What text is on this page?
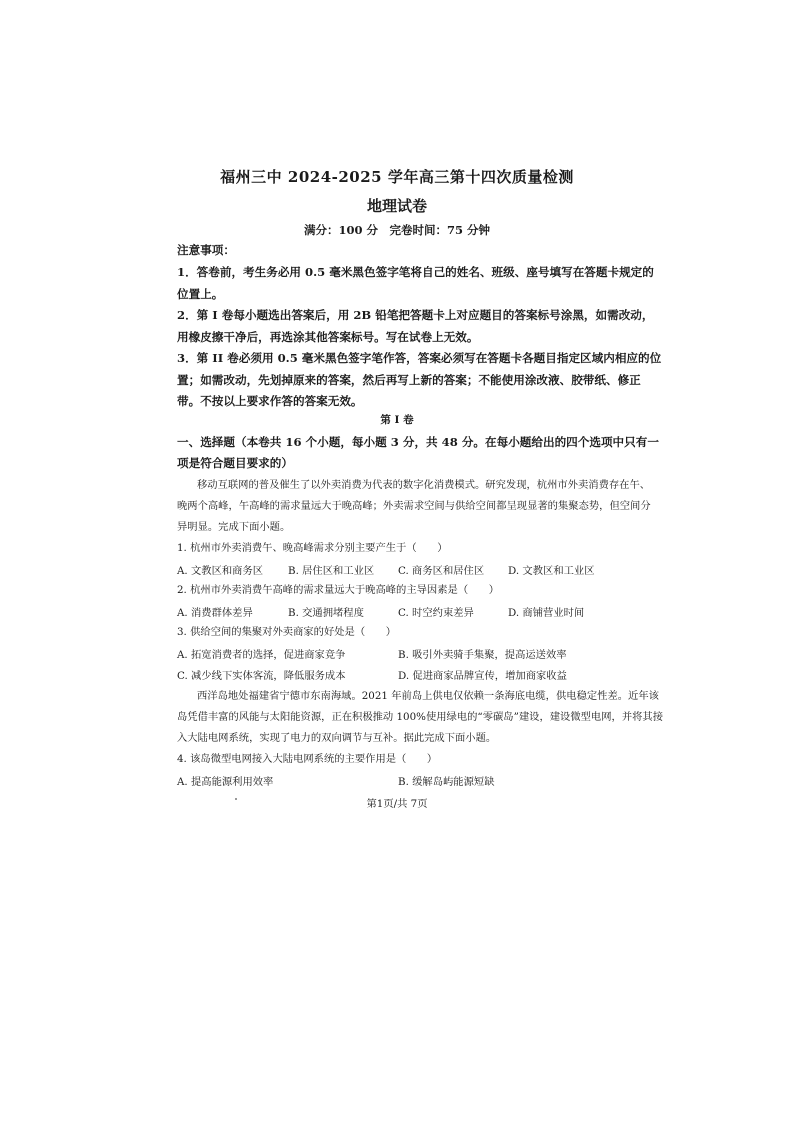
福州三中 2024-2025 学年高三第十四次质量检测
地理试卷
满分：100 分　完卷时间：75 分钟
注意事项：
1．答卷前，考生务必用 0.5 毫米黑色签字笔将自己的姓名、班级、座号填写在答题卡规定的
位置上。
2．第 I 卷每小题选出答案后，用 2B 铅笔把答题卡上对应题目的答案标号涂黑，如需改动，
用橡皮擦干净后，再选涂其他答案标号。写在试卷上无效。
3．第 II 卷必须用 0.5 毫米黑色签字笔作答，答案必须写在答题卡各题目指定区域内相应的位
置；如需改动，先划掉原来的答案，然后再写上新的答案；不能使用涂改液、胶带纸、修正
带。不按以上要求作答的答案无效。
第 I 卷
一、选择题（本卷共 16 个小题，每小题 3 分，共 48 分。在每小题给出的四个选项中只有一
项是符合题目要求的）
移动互联网的普及催生了以外卖消费为代表的数字化消费模式。研究发现，杭州市外卖消费存在午、
晚两个高峰，午高峰的需求量远大于晚高峰；外卖需求空间与供给空间都呈现显著的集聚态势，但空间分
异明显。完成下面小题。
1. 杭州市外卖消费午、晚高峰需求分别主要产生于（　　）
A. 文教区和商务区 B. 居住区和工业区 C. 商务区和居住区 D. 文教区和工业区
2. 杭州市外卖消费午高峰的需求量远大于晚高峰的主导因素是（　　）
A. 消费群体差异	B. 交通拥堵程度	C. 时空约束差异	D. 商铺营业时间
3. 供给空间的集聚对外卖商家的好处是（　　）
A. 拓宽消费者的选择，促进商家竞争	B. 吸引外卖骑手集聚，提高运送效率
C. 减少线下实体客流，降低服务成本	D. 促进商家品牌宣传，增加商家收益
西洋岛地处福建省宁德市东南海域。2021 年前岛上供电仅依赖一条海底电缆，供电稳定性差。近年该
岛凭借丰富的风能与太阳能资源，正在积极推动 100%使用绿电的“零碳岛”建设，建设微型电网，并将其接
入大陆电网系统，实现了电力的双向调节与互补。据此完成下面小题。
4. 该岛微型电网接入大陆电网系统的主要作用是（　　）
A. 提高能源利用效率	B. 缓解岛屿能源短缺
第1页/共 7页
